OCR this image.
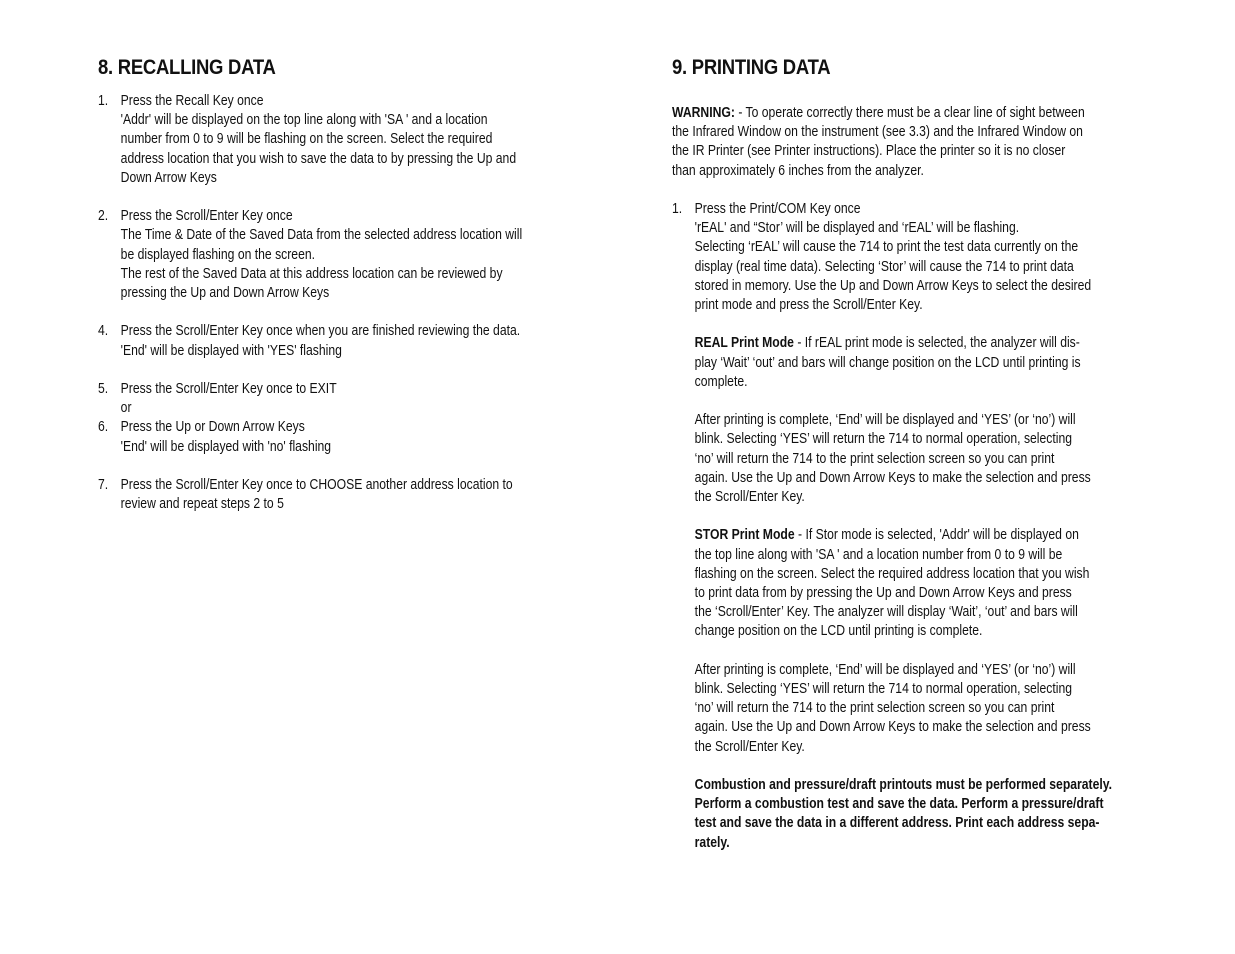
8. RECALLING DATA
1. Press the Recall Key once
'Addr' will be displayed on the top line along with 'SA ' and a location
number from 0 to 9 will be flashing on the screen. Select the required
address location that you wish to save the data to by pressing the Up and
Down Arrow Keys
2. Press the Scroll/Enter Key once
The Time & Date of the Saved Data from the selected address location will
be displayed flashing on the screen.
The rest of the Saved Data at this address location can be reviewed by
pressing the Up and Down Arrow Keys
4. Press the Scroll/Enter Key once when you are finished reviewing the data.
'End' will be displayed with 'YES' flashing
5. Press the Scroll/Enter Key once to EXIT
or
6. Press the Up or Down Arrow Keys
'End' will be displayed with 'no' flashing
7. Press the Scroll/Enter Key once to CHOOSE another address location to
review and repeat steps 2 to 5
9. PRINTING DATA
WARNING: - To operate correctly there must be a clear line of sight between
the Infrared Window on the instrument (see 3.3) and the Infrared Window on
the IR Printer (see Printer instructions). Place the printer so it is no closer
than approximately 6 inches from the analyzer.
1. Press the Print/COM Key once
'rEAL' and “Stor’ will be displayed and ‘rEAL’ will be flashing.
Selecting ‘rEAL’ will cause the 714 to print the test data currently on the
display (real time data). Selecting ‘Stor’ will cause the 714 to print data
stored in memory. Use the Up and Down Arrow Keys to select the desired
print mode and press the Scroll/Enter Key.
REAL Print Mode - If rEAL print mode is selected, the analyzer will dis-
play ‘Wait’ ‘out’ and bars will change position on the LCD until printing is
complete.
After printing is complete, ‘End’ will be displayed and ‘YES’ (or ‘no’) will
blink. Selecting ‘YES’ will return the 714 to normal operation, selecting
‘no’ will return the 714 to the print selection screen so you can print
again. Use the Up and Down Arrow Keys to make the selection and press
the Scroll/Enter Key.
STOR Print Mode - If Stor mode is selected, 'Addr' will be displayed on
the top line along with 'SA ' and a location number from 0 to 9 will be
flashing on the screen. Select the required address location that you wish
to print data from by pressing the Up and Down Arrow Keys and press
the ‘Scroll/Enter’ Key. The analyzer will display ‘Wait’, ‘out’ and bars will
change position on the LCD until printing is complete.
After printing is complete, ‘End’ will be displayed and ‘YES’ (or ‘no’) will
blink. Selecting ‘YES’ will return the 714 to normal operation, selecting
‘no’ will return the 714 to the print selection screen so you can print
again. Use the Up and Down Arrow Keys to make the selection and press
the Scroll/Enter Key.
Combustion and pressure/draft printouts must be performed separately.
Perform a combustion test and save the data. Perform a pressure/draft
test and save the data in a different address. Print each address sepa-
rately.
